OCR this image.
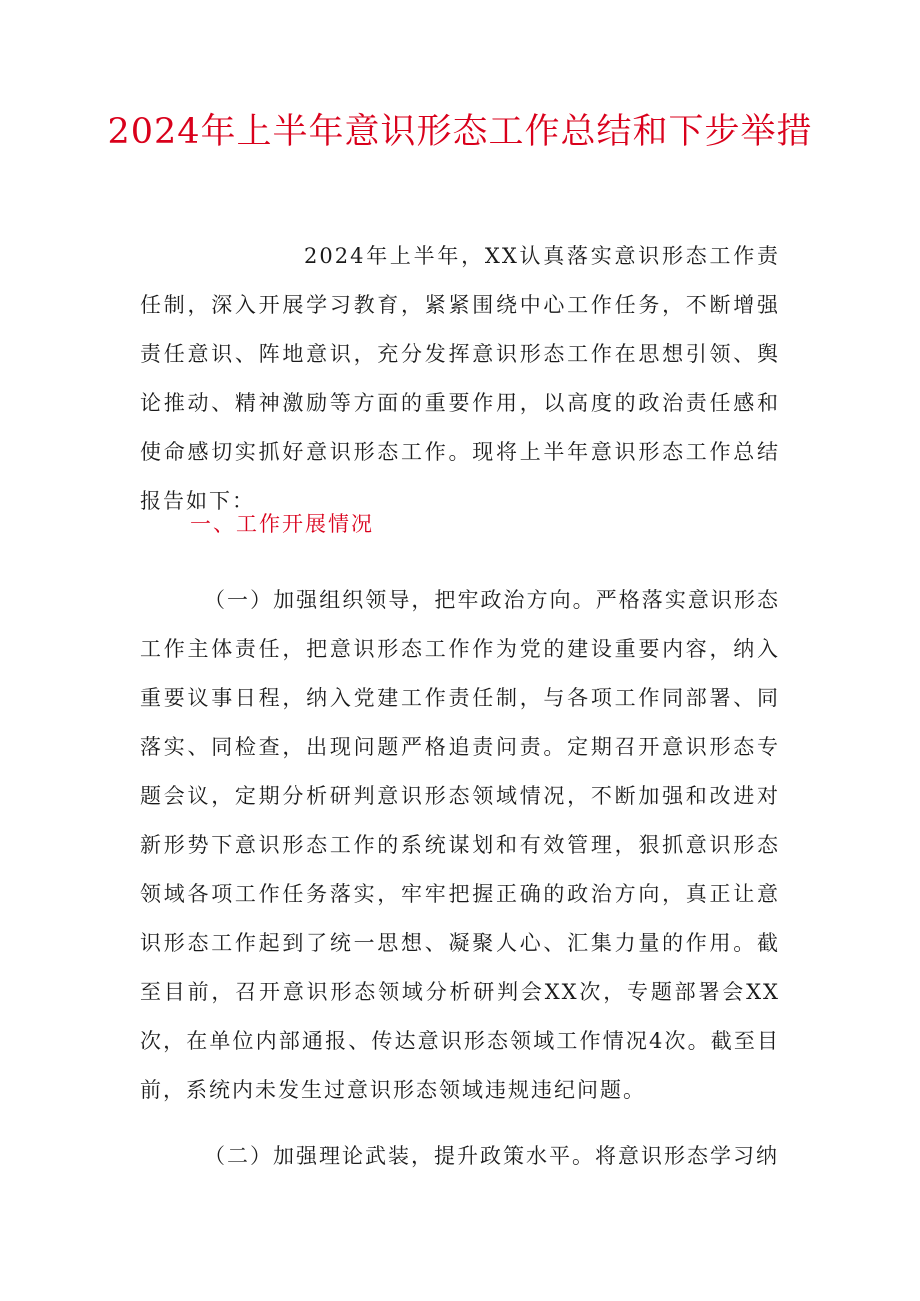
2024年上半年意识形态工作总结和下步举措

2024年上半年，XX认真落实意识形态工作责任制，深入开展学习教育，紧紧围绕中心工作任务，不断增强责任意识、阵地意识，充分发挥意识形态工作在思想引领、舆论推动、精神激励等方面的重要作用，以高度的政治责任感和使命感切实抓好意识形态工作。现将上半年意识形态工作总结报告如下：

一、工作开展情况

（一）加强组织领导，把牢政治方向。严格落实意识形态工作主体责任，把意识形态工作作为党的建设重要内容，纳入重要议事日程，纳入党建工作责任制，与各项工作同部署、同落实、同检查，出现问题严格追责问责。定期召开意识形态专题会议，定期分析研判意识形态领域情况，不断加强和改进对新形势下意识形态工作的系统谋划和有效管理，狠抓意识形态领域各项工作任务落实，牢牢把握正确的政治方向，真正让意识形态工作起到了统一思想、凝聚人心、汇集力量的作用。截至目前，召开意识形态领域分析研判会XX次，专题部署会XX次，在单位内部通报、传达意识形态领域工作情况4次。截至目前，系统内未发生过意识形态领域违规违纪问题。

（二）加强理论武装，提升政策水平。将意识形态学习纳
